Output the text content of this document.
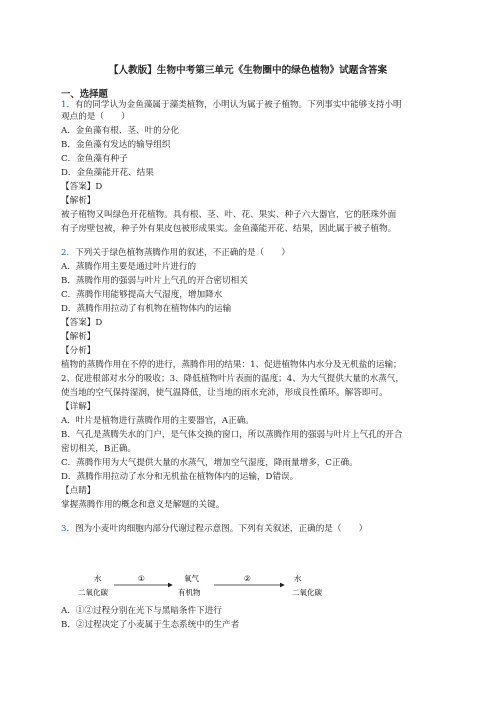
【人教版】生物中考第三单元《生物圈中的绿色植物》试题含答案
一、选择题
1．有的同学认为金鱼藻属于藻类植物，小明认为属于被子植物。下列事实中能够支持小明
观点的是（　　）
A．金鱼藻有根、茎、叶的分化
B．金鱼藻有发达的输导组织
C．金鱼藻有种子
D．金鱼藻能开花、结果
【答案】D
【解析】
被子植物又叫绿色开花植物。具有根、茎、叶、花、果实、种子六大器官，它的胚珠外面
有子房壁包被，种子外有果皮包被形成果实。金鱼藻能开花、结果，因此属于被子植物。
2．下列关于绿色植物蒸腾作用的叙述，不正确的是（　　）
A．蒸腾作用主要是通过叶片进行的
B．蒸腾作用的强弱与叶片上气孔的开合密切相关
C．蒸腾作用能够提高大气湿度，增加降水
D．蒸腾作用拉动了有机物在植物体内的运输
【答案】D
【解析】
【分析】
植物的蒸腾作用在不停的进行，蒸腾作用的结果：1、促进植物体内水分及无机盐的运输；
2、促进根部对水分的吸收；3、降低植物叶片表面的温度；4、为大气提供大量的水蒸气，
使当地的空气保持湿润，使气温降低，让当地的雨水充沛，形成良性循环。解答即可。
【详解】
A．叶片是植物进行蒸腾作用的主要器官，A正确。
B．气孔是蒸腾失水的门户，是气体交换的窗口，所以蒸腾作用的强弱与叶片上气孔的开合
密切相关，B正确。
C．蒸腾作用为大气提供大量的水蒸气，增加空气湿度，降雨量增多，C正确。
D．蒸腾作用拉动了水分和无机盐在植物体内的运输，D错误。
【点睛】
掌握蒸腾作用的概念和意义是解题的关键。
3．图为小麦叶肉细胞内部分代谢过程示意图。下列有关叙述，正确的是（　　）
水
二氧化碳
①	氧气
有机物
②	水
二氧化碳
A．①②过程分别在光下与黑暗条件下进行
B．②过程决定了小麦属于生态系统中的生产者
